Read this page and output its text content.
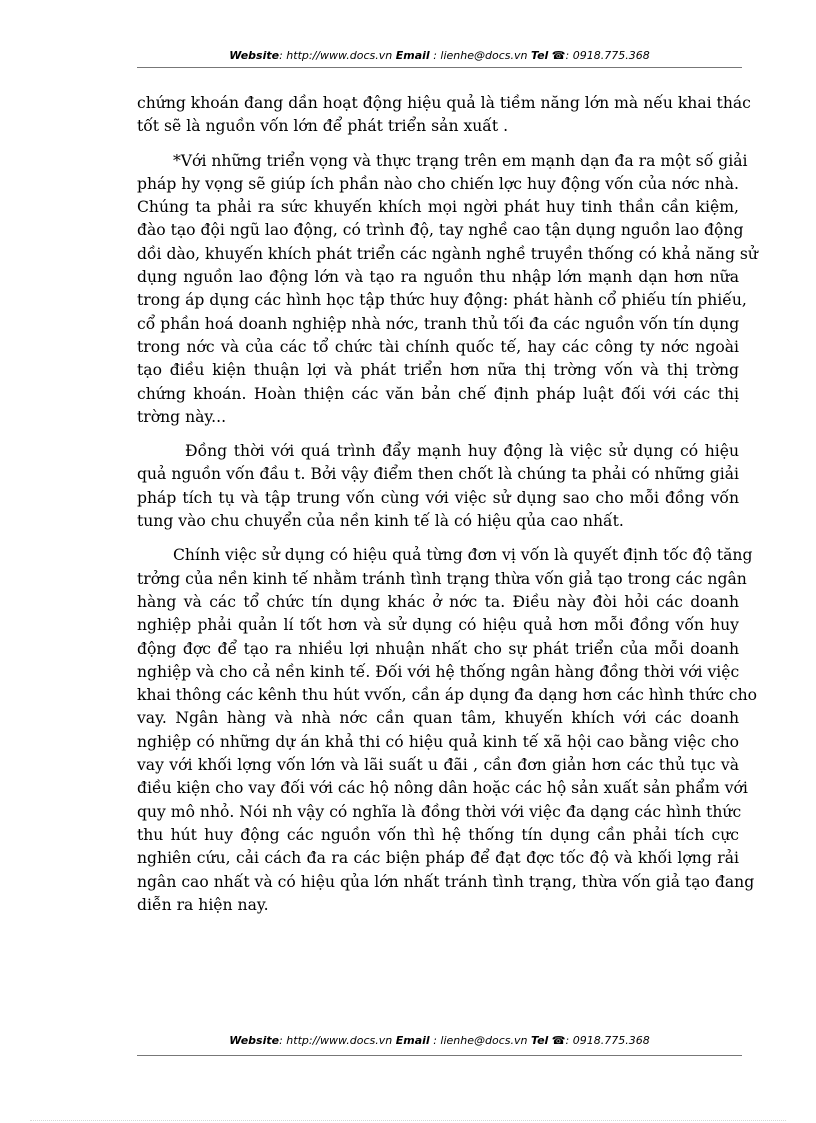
Website: http://www.docs.vn Email : lienhe@docs.vn Tel ☎: 0918.775.368
chứng khoán đang dần hoạt động hiệu quả là tiềm năng lớn mà nếu khai thác
tốt sẽ là nguồn vốn lớn để phát triển sản xuất .
*Với những triển vọng và thực trạng trên em mạnh dạn đa ra một số giải
pháp hy vọng sẽ giúp ích phần nào cho chiến lợc huy động vốn của nớc nhà.
Chúng ta phải ra sức khuyến khích mọi ngời phát huy tinh thần cần kiệm,
đào tạo đội ngũ lao động, có trình độ, tay nghề cao tận dụng nguồn lao động
dồi dào, khuyến khích phát triển các ngành nghề truyền thống có khả năng sử
dụng nguồn lao động lớn và tạo ra nguồn thu nhập lớn mạnh dạn hơn nữa
trong áp dụng các hình học tập thức huy động: phát hành cổ phiếu tín phiếu,
cổ phần hoá doanh nghiệp nhà nớc, tranh thủ tối đa các nguồn vốn tín dụng
trong nớc và của các tổ chức tài chính quốc tế, hay các công ty nớc ngoài
tạo điều kiện thuận lợi và phát triển hơn nữa thị trờng vốn và thị trờng
chứng khoán. Hoàn thiện các văn bản chế định pháp luật đối với các thị
trờng này...
Đồng thời với quá trình đẩy mạnh huy động là việc sử dụng có hiệu
quả nguồn vốn đầu t. Bởi vậy điểm then chốt là chúng ta phải có những giải
pháp tích tụ và tập trung vốn cùng với việc sử dụng sao cho mỗi đồng vốn
tung vào chu chuyển của nền kinh tế là có hiệu qủa cao nhất.
Chính việc sử dụng có hiệu quả từng đơn vị vốn là quyết định tốc độ tăng
trởng của nền kinh tế nhằm tránh tình trạng thừa vốn giả tạo trong các ngân
hàng và các tổ chức tín dụng khác ở nớc ta. Điều này đòi hỏi các doanh
nghiệp phải quản lí tốt hơn và sử dụng có hiệu quả hơn mỗi đồng vốn huy
động đợc để tạo ra nhiều lợi nhuận nhất cho sự phát triển của mỗi doanh
nghiệp và cho cả nền kinh tế. Đối với hệ thống ngân hàng đồng thời với việc
khai thông các kênh thu hút vvốn, cần áp dụng đa dạng hơn các hình thức cho
vay. Ngân hàng và nhà nớc cần quan tâm, khuyến khích với các doanh
nghiệp có những dự án khả thi có hiệu quả kinh tế xã hội cao bằng việc cho
vay với khối lợng vốn lớn và lãi suất u đãi , cần đơn giản hơn các thủ tục và
điều kiện cho vay đối với các hộ nông dân hoặc các hộ sản xuất sản phẩm với
quy mô nhỏ. Nói nh vậy có nghĩa là đồng thời với việc đa dạng các hình thức
thu hút huy động các nguồn vốn thì hệ thống tín dụng cần phải tích cực
nghiên cứu, cải cách đa ra các biện pháp để đạt đợc tốc độ và khối lợng rải
ngân cao nhất và có hiệu qủa lớn nhất tránh tình trạng, thừa vốn giả tạo đang
diễn ra hiện nay.
Website: http://www.docs.vn Email : lienhe@docs.vn Tel ☎: 0918.775.368
